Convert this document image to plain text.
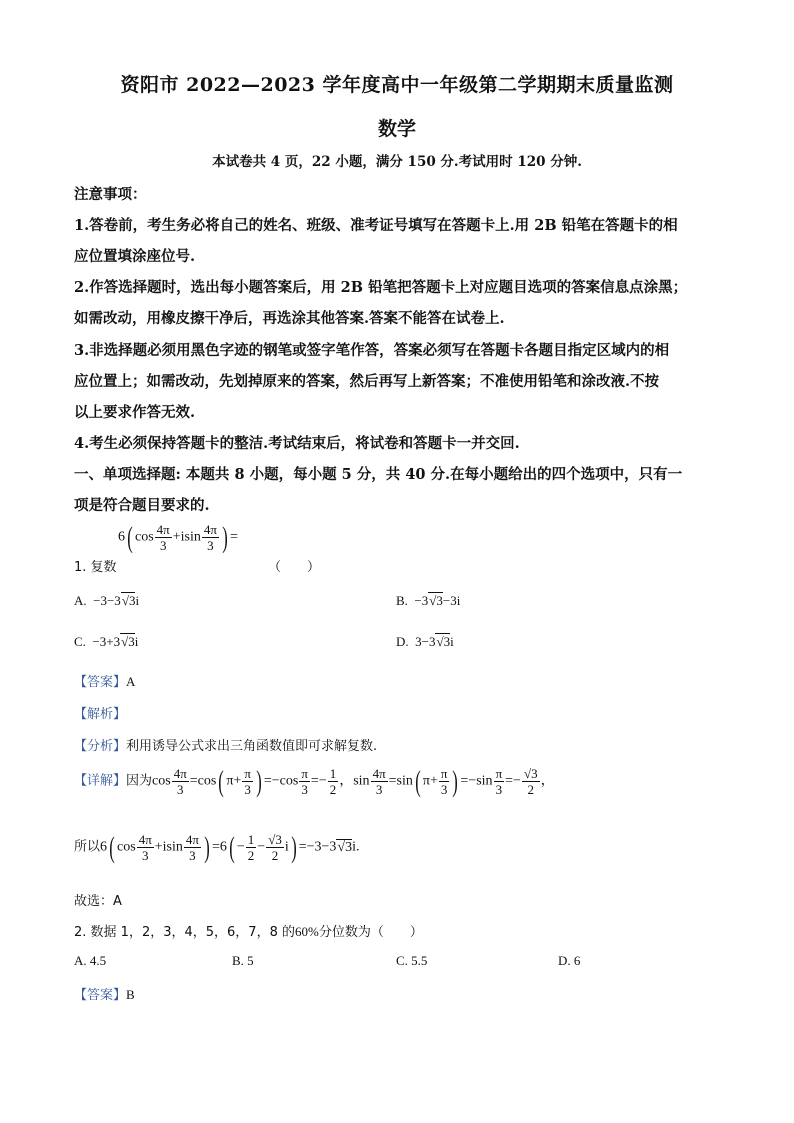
资阳市 2022—2023 学年度高中一年级第二学期期末质量监测
数学
本试卷共 4 页，22 小题，满分 150 分.考试用时 120 分钟.
注意事项：
1.答卷前，考生务必将自己的姓名、班级、准考证号填写在答题卡上.用 2B 铅笔在答题卡的相
应位置填涂座位号.
2.作答选择题时，选出每小题答案后，用 2B 铅笔把答题卡上对应题目选项的答案信息点涂黑；
如需改动，用橡皮擦干净后，再选涂其他答案.答案不能答在试卷上.
3.非选择题必须用黑色字迹的钢笔或签字笔作答，答案必须写在答题卡各题目指定区域内的相
应位置上；如需改动，先划掉原来的答案，然后再写上新答案；不准使用铅笔和涂改液.不按
以上要求作答无效.
4.考生必须保持答题卡的整洁.考试结束后，将试卷和答题卡一并交回.
一、单项选择题: 本题共 8 小题，每小题 5 分，共 40 分.在每小题给出的四个选项中，只有一
项是符合题目要求的.
6( $\cos \frac{4\pi}{3} +isin \frac{4\pi}{3}$ ) =
1. 复数	（　　）
A.  −3−3√3i	B.  −3√3−3i
C.  −3+3√3i	D.  3−3√3i
【答案】A
【解析】
【分析】利用诱导公式求出三角函数值即可求解复数.
【详解】因为$\cos \frac{4\pi}{3} =\cos$( $\pi+ \frac{\pi}{3}$ ) $=-\cos \frac{\pi}{3} =- \frac{1}{2}$ ，$\sin \frac{4\pi}{3} =\sin$( $\pi+ \frac{\pi}{3}$ ) $=-\sin \frac{\pi}{3} =- \frac{√3}{2}$ ，
所以6( $\cos \frac{4\pi}{3} +isin \frac{4\pi}{3}$ ) $=6( - \frac{1}{2} - \frac{√3}{2} i) =-3-3√3i$.
故选：A
2. 数据 1，2，3，4，5，6，7，8 的60%分位数为（　　）
A. 4.5	B. 5	C. 5.5	D. 6
【答案】B
